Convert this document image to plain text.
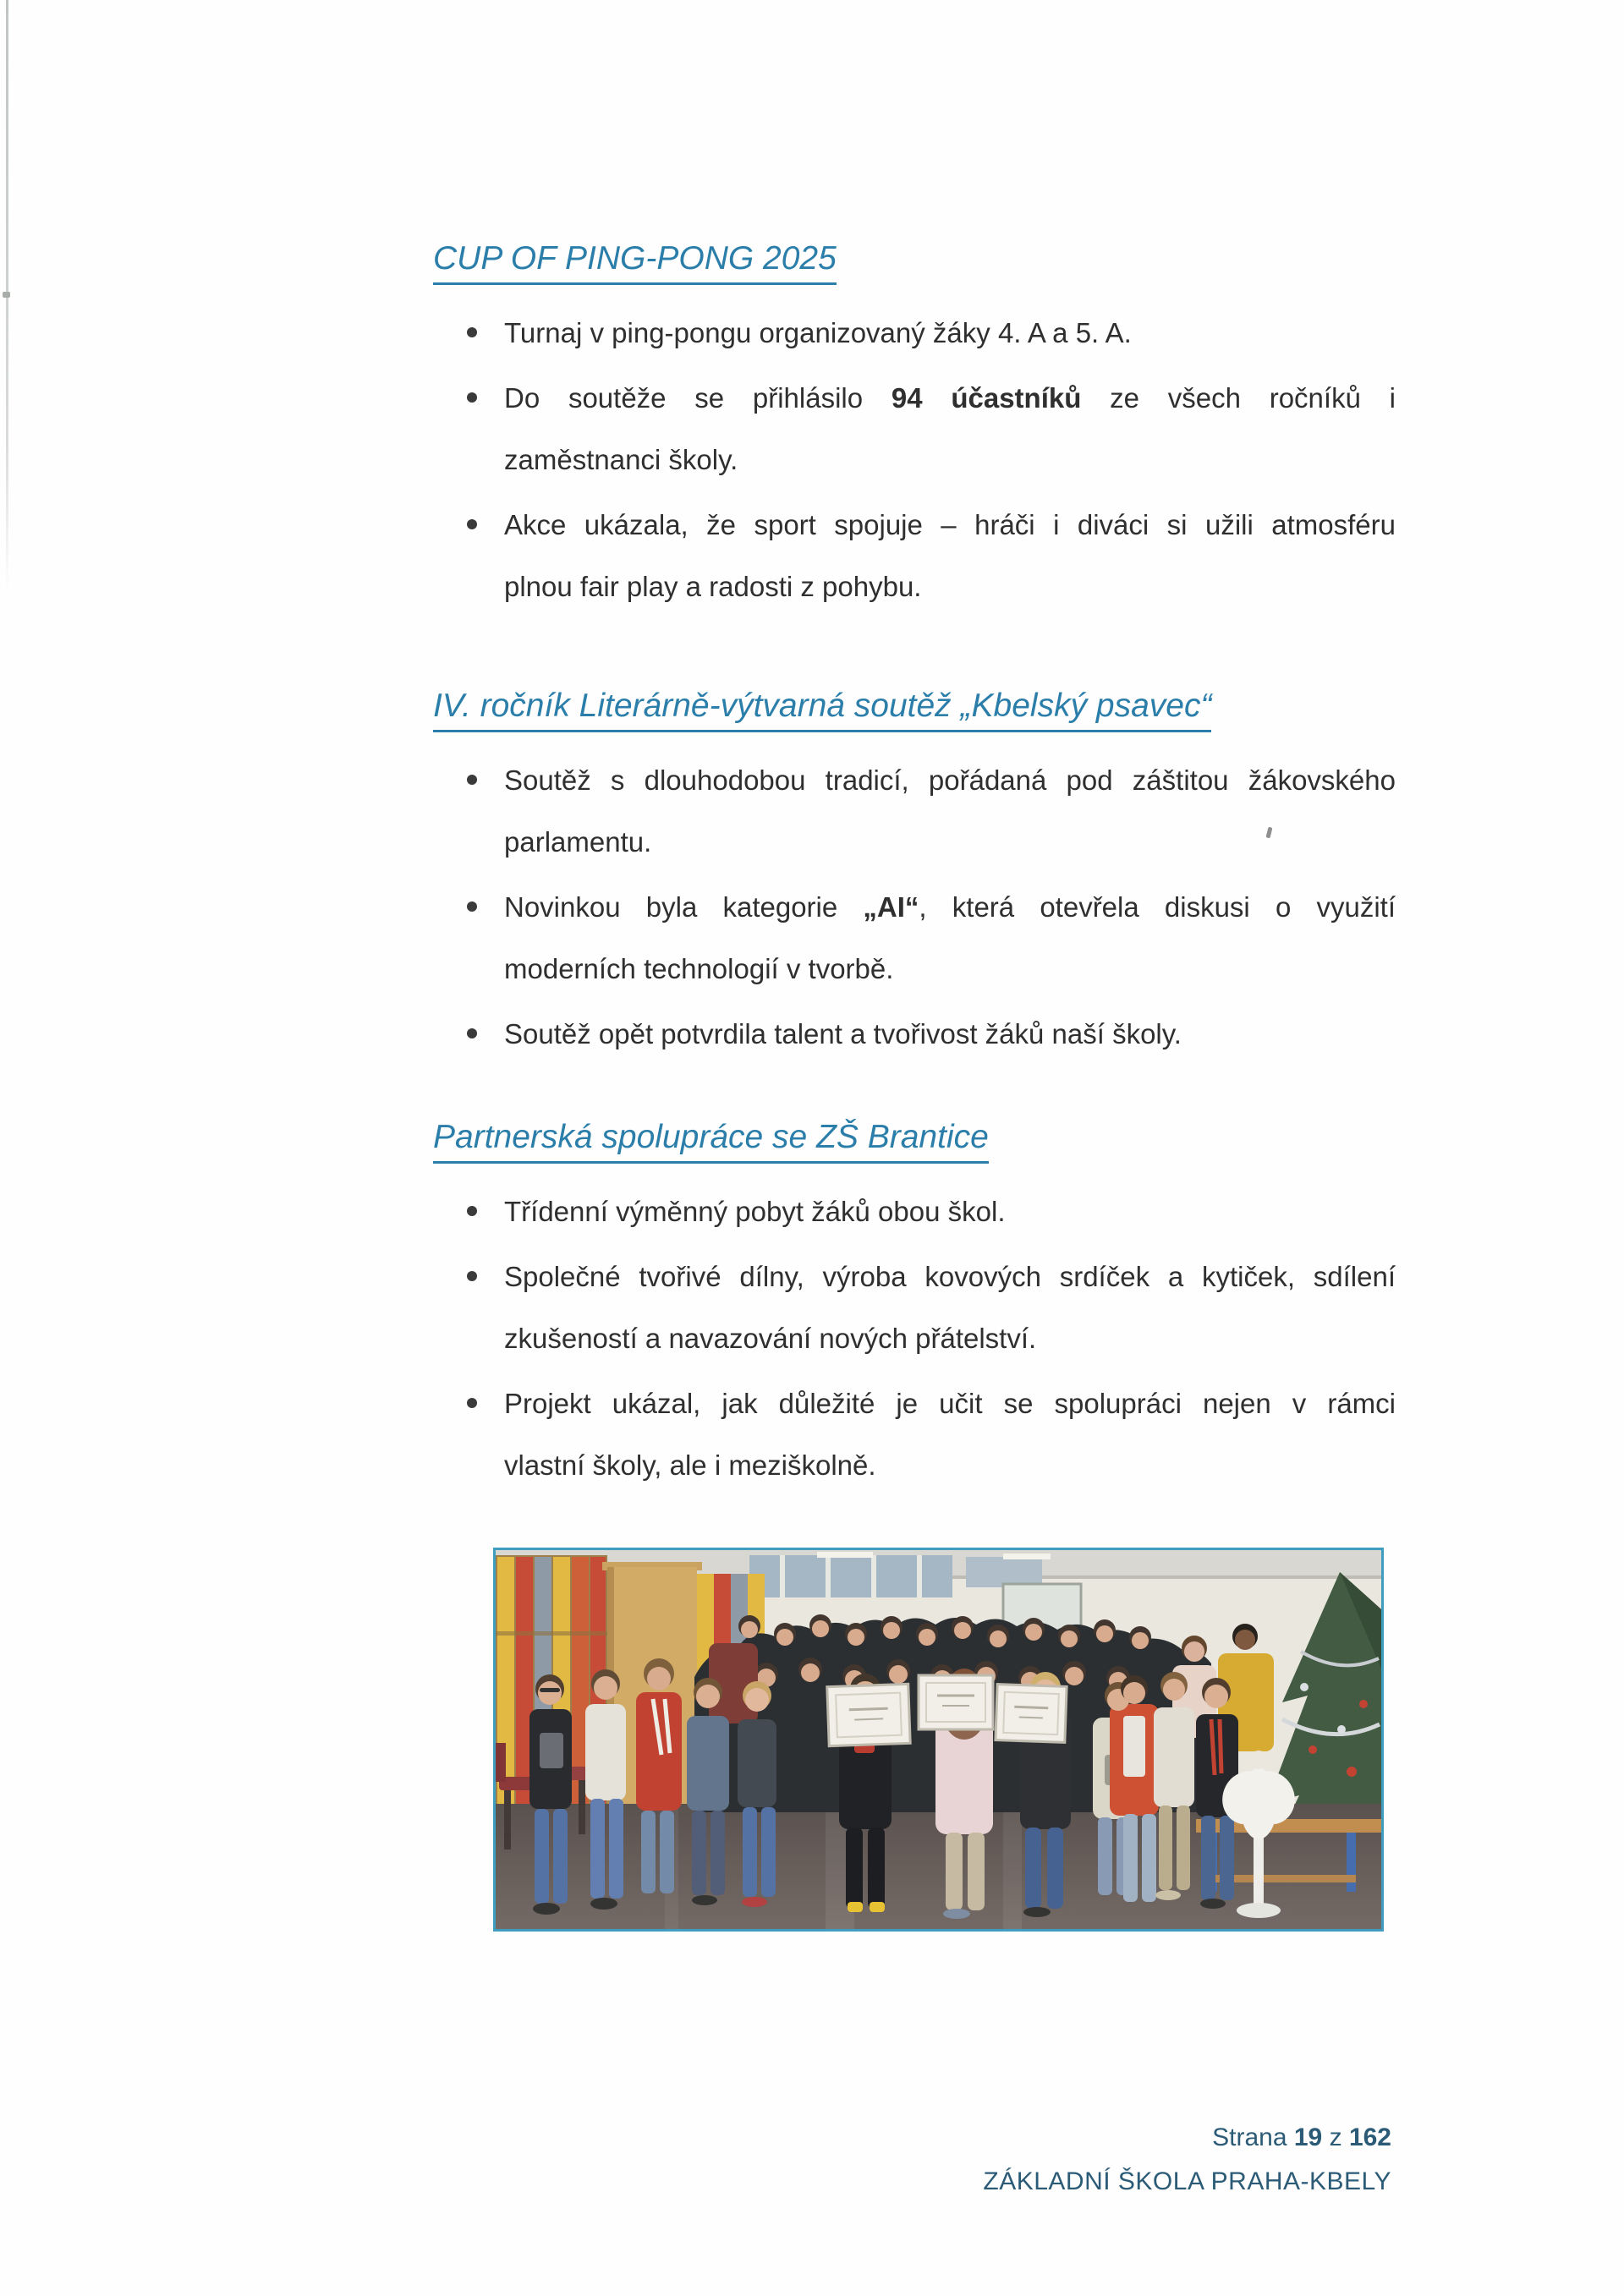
CUP OF PING-PONG 2025
Turnaj v ping-pongu organizovaný žáky 4. A a 5. A.
Do soutěže se přihlásilo 94 účastníků ze všech ročníků i
zaměstnanci školy.
Akce ukázala, že sport spojuje – hráči i diváci si užili atmosféru
plnou fair play a radosti z pohybu.
IV. ročník Literárně-výtvarná soutěž „Kbelský psavec“
Soutěž s dlouhodobou tradicí, pořádaná pod záštitou žákovského
parlamentu.
Novinkou byla kategorie „AI“, která otevřela diskusi o využití
moderních technologií v tvorbě.
Soutěž opět potvrdila talent a tvořivost žáků naší školy.
Partnerská spolupráce se ZŠ Brantice
Třídenní výměnný pobyt žáků obou škol.
Společné tvořivé dílny, výroba kovových srdíček a kytiček, sdílení
zkušeností a navazování nových přátelství.
Projekt ukázal, jak důležité je učit se spolupráci nejen v rámci
vlastní školy, ale i meziškolně.
Strana 19 z 162
ZÁKLADNÍ ŠKOLA PRAHA-KBELY
